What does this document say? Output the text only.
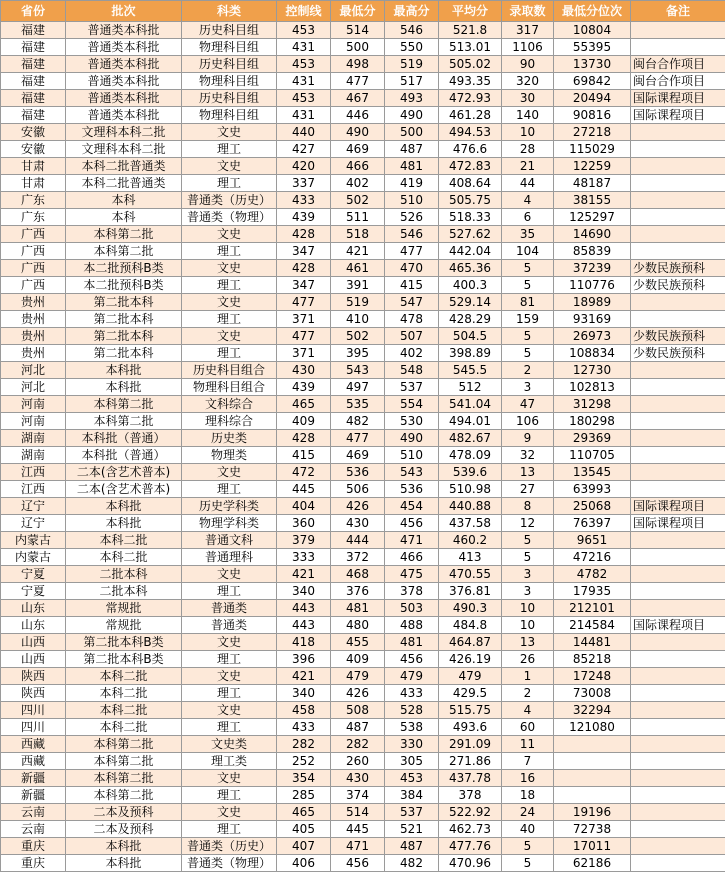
省份	批次	科类	控制线	最低分	最高分	平均分	录取数	最低分位次	备注
福建	普通类本科批	历史科目组	453	514	546	521.8	317	10804	
福建	普通类本科批	物理科目组	431	500	550	513.01	1106	55395	
福建	普通类本科批	历史科目组	453	498	519	505.02	90	13730	闽台合作项目
福建	普通类本科批	物理科目组	431	477	517	493.35	320	69842	闽台合作项目
福建	普通类本科批	历史科目组	453	467	493	472.93	30	20494	国际课程项目
福建	普通类本科批	物理科目组	431	446	490	461.28	140	90816	国际课程项目
安徽	文理科本科二批	文史	440	490	500	494.53	10	27218	
安徽	文理科本科二批	理工	427	469	487	476.6	28	115029	
甘肃	本科二批普通类	文史	420	466	481	472.83	21	12259	
甘肃	本科二批普通类	理工	337	402	419	408.64	44	48187	
广东	本科	普通类（历史）	433	502	510	505.75	4	38155	
广东	本科	普通类（物理）	439	511	526	518.33	6	125297	
广西	本科第二批	文史	428	518	546	527.62	35	14690	
广西	本科第二批	理工	347	421	477	442.04	104	85839	
广西	本二批预科B类	文史	428	461	470	465.36	5	37239	少数民族预科
广西	本二批预科B类	理工	347	391	415	400.3	5	110776	少数民族预科
贵州	第二批本科	文史	477	519	547	529.14	81	18989	
贵州	第二批本科	理工	371	410	478	428.29	159	93169	
贵州	第二批本科	文史	477	502	507	504.5	5	26973	少数民族预科
贵州	第二批本科	理工	371	395	402	398.89	5	108834	少数民族预科
河北	本科批	历史科目组合	430	543	548	545.5	2	12730	
河北	本科批	物理科目组合	439	497	537	512	3	102813	
河南	本科第二批	文科综合	465	535	554	541.04	47	31298	
河南	本科第二批	理科综合	409	482	530	494.01	106	180298	
湖南	本科批（普通）	历史类	428	477	490	482.67	9	29369	
湖南	本科批（普通）	物理类	415	469	510	478.09	32	110705	
江西	二本(含艺术普本)	文史	472	536	543	539.6	13	13545	
江西	二本(含艺术普本)	理工	445	506	536	510.98	27	63993	
辽宁	本科批	历史学科类	404	426	454	440.88	8	25068	国际课程项目
辽宁	本科批	物理学科类	360	430	456	437.58	12	76397	国际课程项目
内蒙古	本科二批	普通文科	379	444	471	460.2	5	9651	
内蒙古	本科二批	普通理科	333	372	466	413	5	47216	
宁夏	二批本科	文史	421	468	475	470.55	3	4782	
宁夏	二批本科	理工	340	376	378	376.81	3	17935	
山东	常规批	普通类	443	481	503	490.3	10	212101	
山东	常规批	普通类	443	480	488	484.8	10	214584	国际课程项目
山西	第二批本科B类	文史	418	455	481	464.87	13	14481	
山西	第二批本科B类	理工	396	409	456	426.19	26	85218	
陕西	本科二批	文史	421	479	479	479	1	17248	
陕西	本科二批	理工	340	426	433	429.5	2	73008	
四川	本科二批	文史	458	508	528	515.75	4	32294	
四川	本科二批	理工	433	487	538	493.6	60	121080	
西藏	本科第二批	文史类	282	282	330	291.09	11		
西藏	本科第二批	理工类	252	260	305	271.86	7		
新疆	本科第二批	文史	354	430	453	437.78	16		
新疆	本科第二批	理工	285	374	384	378	18		
云南	二本及预科	文史	465	514	537	522.92	24	19196	
云南	二本及预科	理工	405	445	521	462.73	40	72738	
重庆	本科批	普通类（历史）	407	471	487	477.76	5	17011	
重庆	本科批	普通类（物理）	406	456	482	470.96	5	62186	
